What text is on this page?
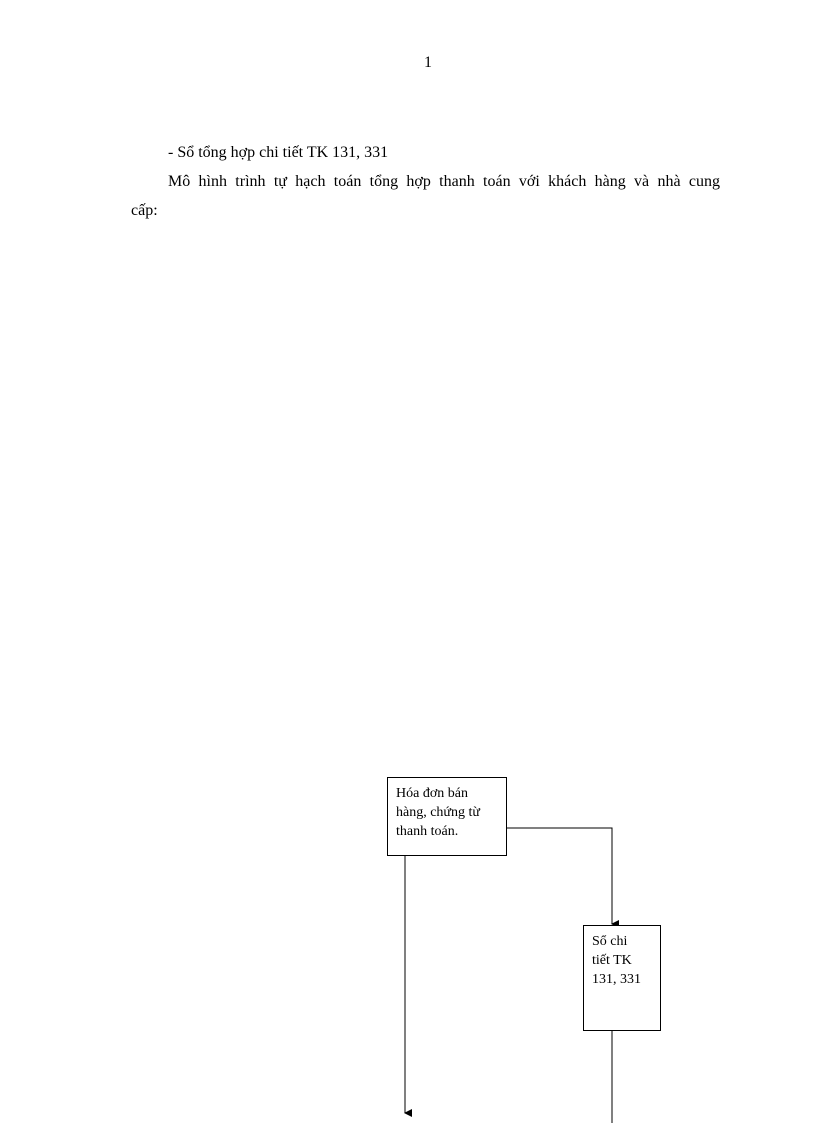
1
- Sổ tổng hợp chi tiết TK 131, 331
Mô hình trình tự hạch toán tổng hợp thanh toán với khách hàng và nhà cung
cấp:
Hóa đơn bán
hàng, chứng từ
thanh toán.
Sổ chi
tiết TK
131, 331
